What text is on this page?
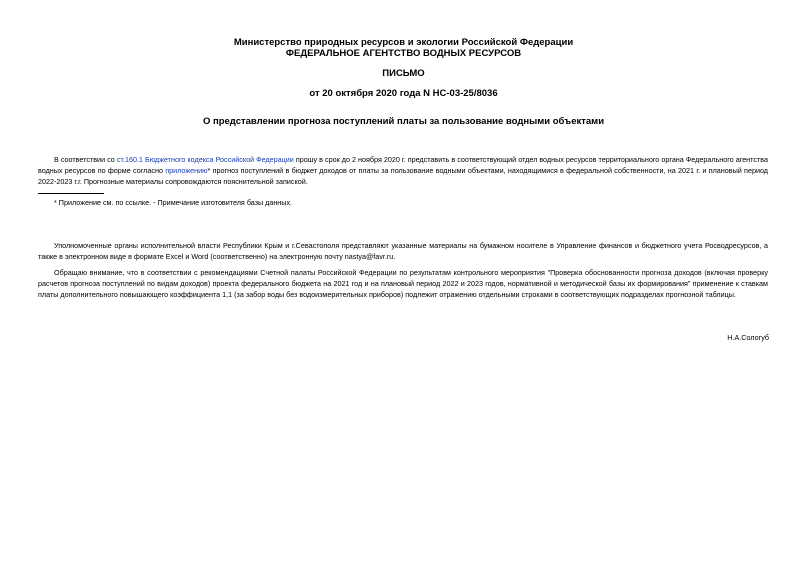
Министерство природных ресурсов и экологии Российской Федерации
ФЕДЕРАЛЬНОЕ АГЕНТСТВО ВОДНЫХ РЕСУРСОВ
ПИСЬМО
от 20 октября 2020 года N НС-03-25/8036
О представлении прогноза поступлений платы за пользование водными объектами
В соответствии со ст.160.1 Бюджетного кодекса Российской Федерации прошу в срок до 2 ноября 2020 г. представить в соответствующий отдел водных ресурсов территориального органа Федерального агентства водных ресурсов по форме согласно приложению* прогноз поступлений в бюджет доходов от платы за пользование водными объектами, находящимися в федеральной собственности, на 2021 г. и плановый период 2022-2023 г.г. Прогнозные материалы сопровождаются пояснительной запиской.
* Приложение см. по ссылке. - Примечание изготовителя базы данных.
Уполномоченные органы исполнительной власти Республики Крым и г.Севастополя представляют указанные материалы на бумажном носителе в Управление финансов и бюджетного учета Росводресурсов, а также в электронном виде в формате Excel и Word (соответственно) на электронную почту nastya@favr.ru.
Обращаю внимание, что в соответствии с рекомендациями Счетной палаты Российской Федерации по результатам контрольного мероприятия "Проверка обоснованности прогноза доходов (включая проверку расчетов прогноза поступлений по видам доходов) проекта федерального бюджета на 2021 год и на плановый период 2022 и 2023 годов, нормативной и методической базы их формирования" применение к ставкам платы дополнительного повышающего коэффициента 1,1 (за забор воды без водоизмерительных приборов) подлежит отражению отдельными строками в соответствующих подразделах прогнозной таблицы.
Н.А.Сологуб
